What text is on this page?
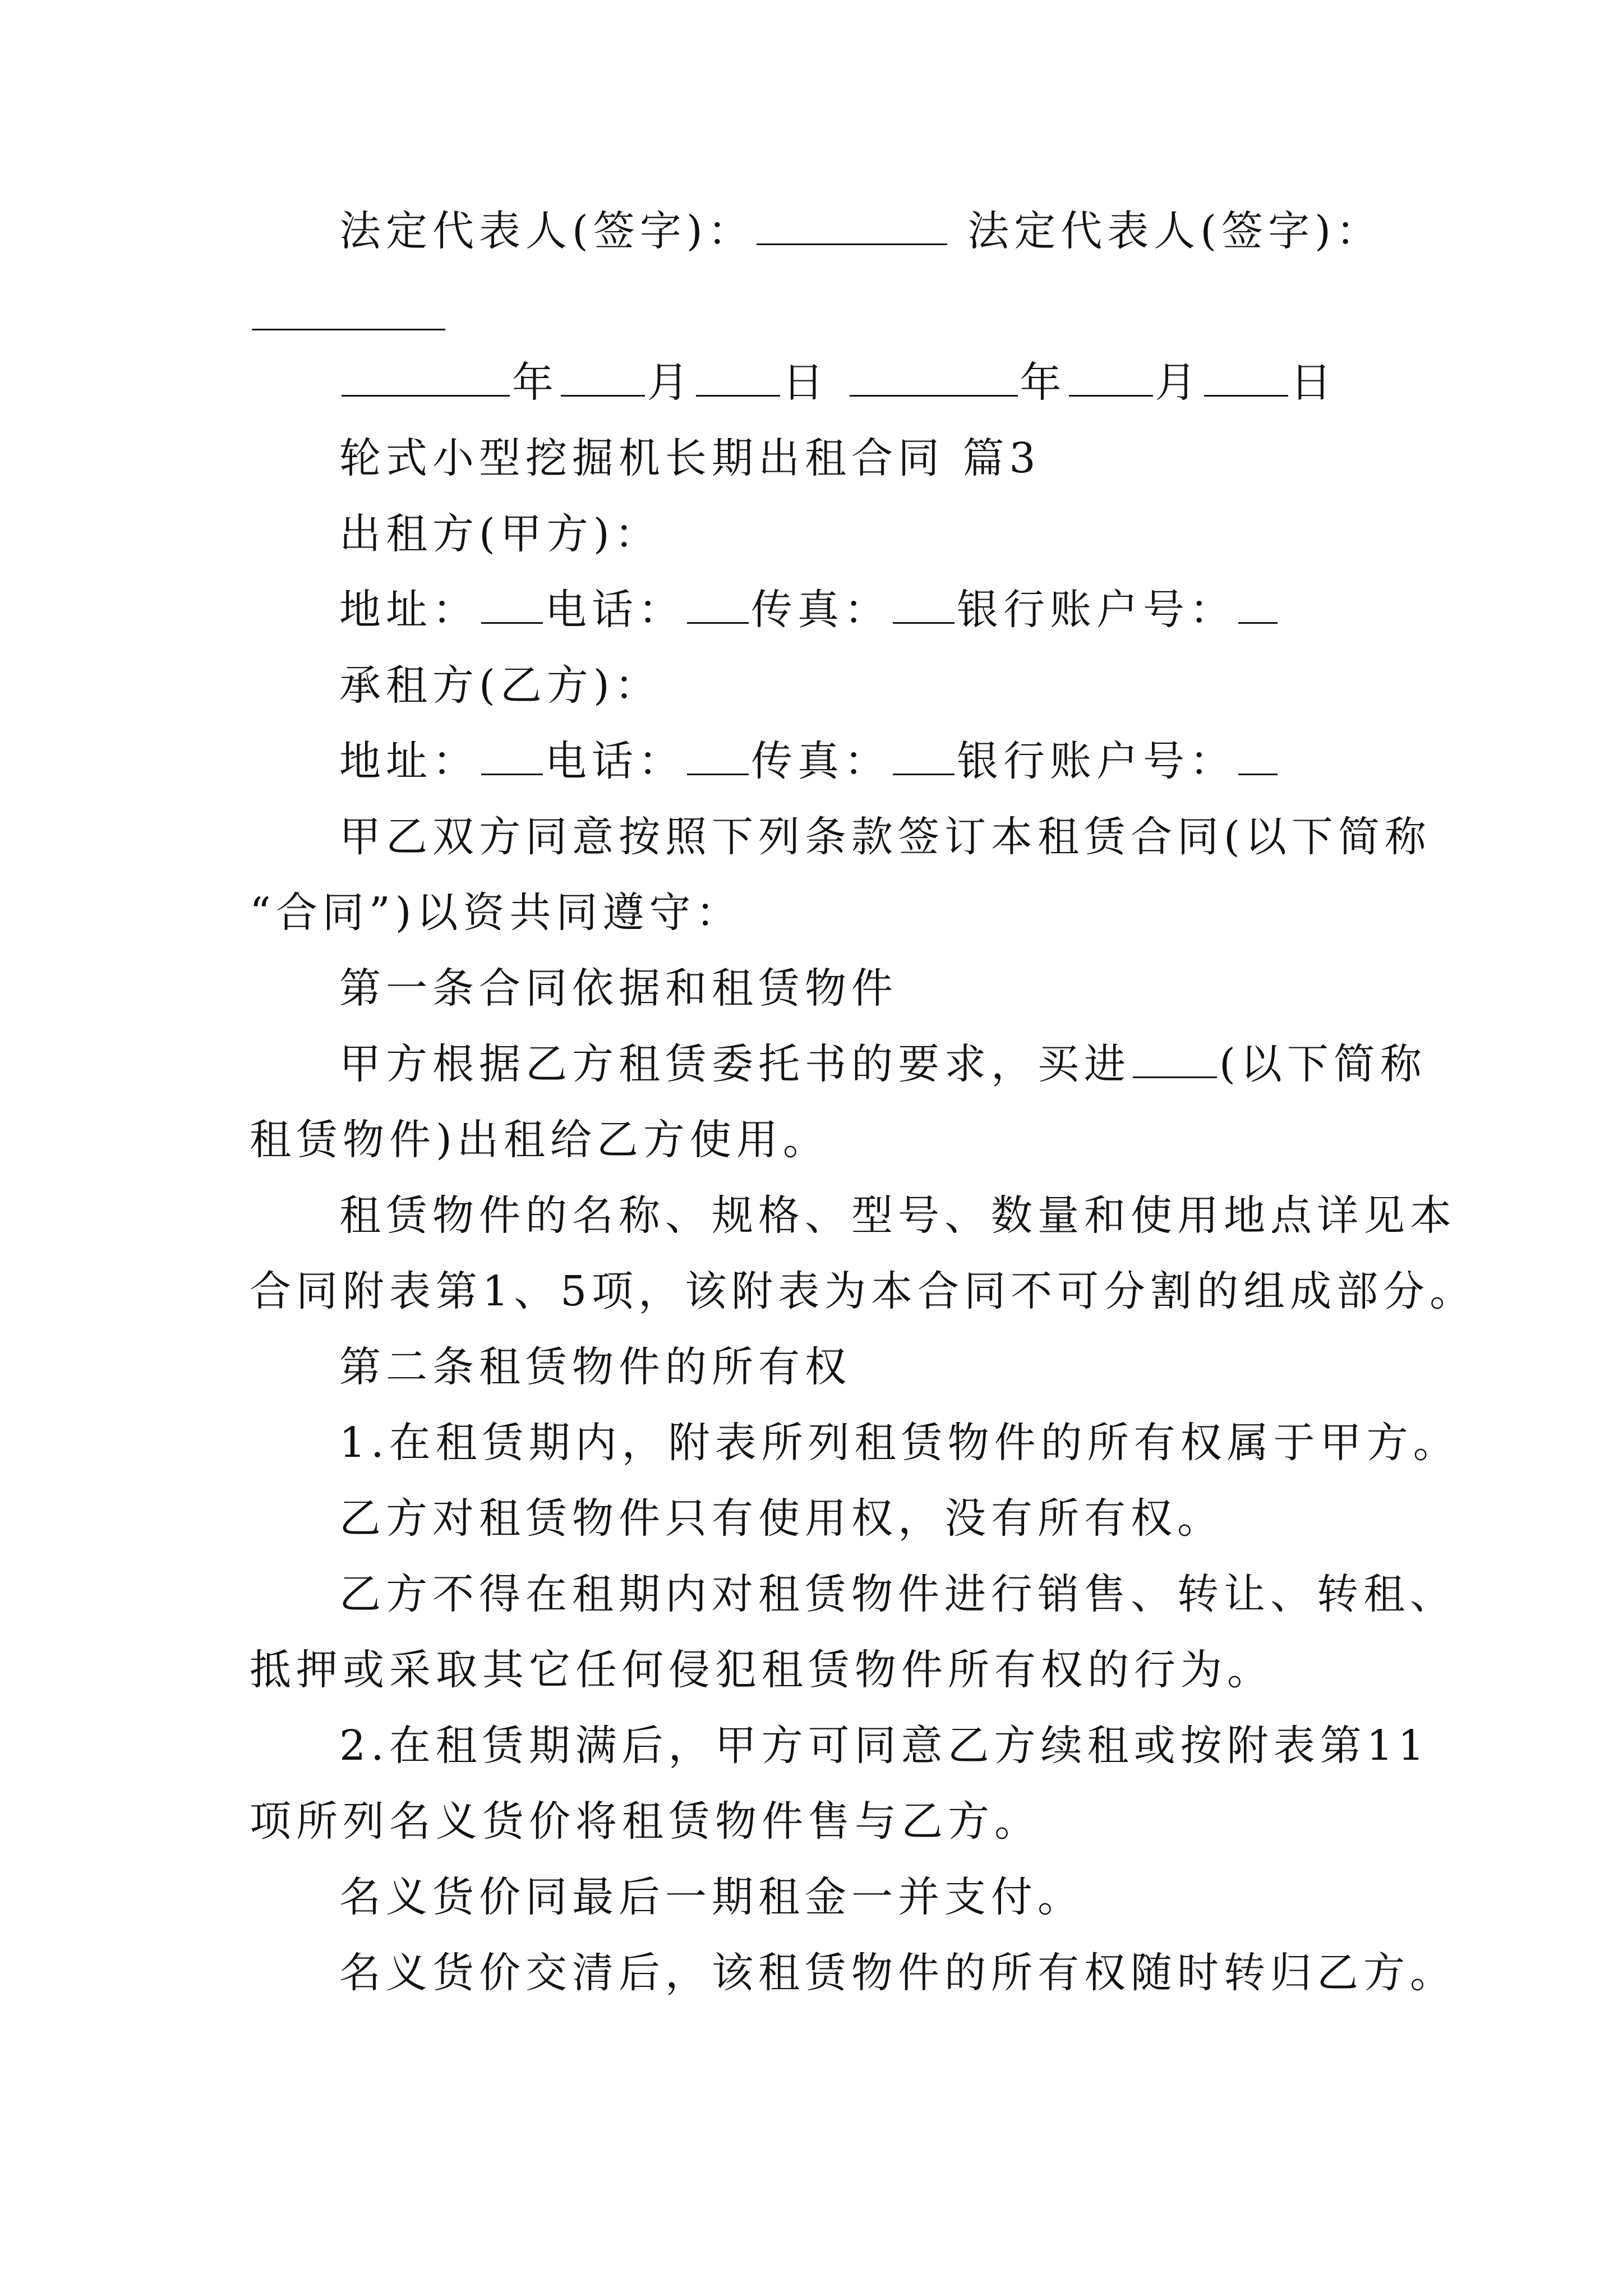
法定代表人(签字)：	法定代表人(签字)：
年 月 日	年 月 日
轮式小型挖掘机长期出租合同 篇3
出租方(甲方)：
地址： 电话： 传真： 银行账户号：
承租方(乙方)：
地址： 电话： 传真： 银行账户号：
甲乙双方同意按照下列条款签订本租赁合同(以下简称
“合同”)以资共同遵守：
第一条合同依据和租赁物件
甲方根据乙方租赁委托书的要求，买进 (以下简称
租赁物件)出租给乙方使用。
租赁物件的名称、规格、型号、数量和使用地点详见本
合同附表第1、5项，该附表为本合同不可分割的组成部分。
第二条租赁物件的所有权
1.在租赁期内，附表所列租赁物件的所有权属于甲方。
乙方对租赁物件只有使用权，没有所有权。
乙方不得在租期内对租赁物件进行销售、转让、转租、
抵押或采取其它任何侵犯租赁物件所有权的行为。
2.在租赁期满后，甲方可同意乙方续租或按附表第11
项所列名义货价将租赁物件售与乙方。
名义货价同最后一期租金一并支付。
名义货价交清后，该租赁物件的所有权随时转归乙方。
